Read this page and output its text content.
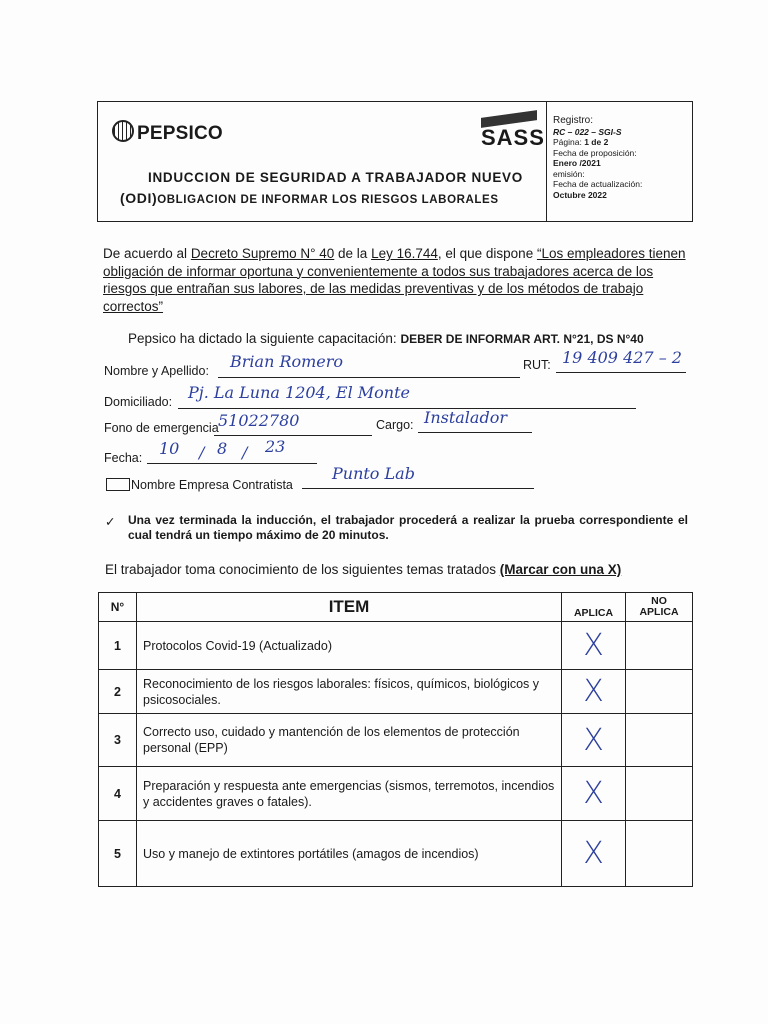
PEPSICO	SASS
INDUCCION DE SEGURIDAD A TRABAJADOR NUEVO
(ODI)OBLIGACION DE INFORMAR LOS RIESGOS LABORALES
Registro:
RC – 022 – SGI-S
Página: 1 de 2
Fecha de proposición:
Enero /2021
emisión:
Fecha de actualización:
Octubre 2022
De acuerdo al Decreto Supremo N° 40 de la Ley 16.744, el que dispone “Los empleadores tienen obligación de informar oportuna y convenientemente a todos sus trabajadores acerca de los riesgos que entrañan sus labores, de las medidas preventivas y de los métodos de trabajo correctos”
Pepsico ha dictado la siguiente capacitación: DEBER DE INFORMAR ART. N°21, DS N°40
Nombre y Apellido: Brian Romero	RUT: 19 409 427 – 2
Domiciliado: Pj. La Luna 1204, El Monte
Fono de emergencia 51022780	Cargo: Instalador
Fecha: 10 / 8 / 23
Nombre Empresa Contratista
Punto Lab
✓ Una vez terminada la inducción, el trabajador procederá a realizar la prueba correspondiente el cual tendrá un tiempo máximo de 20 minutos.
El trabajador toma conocimiento de los siguientes temas tratados (Marcar con una X)
N°	ITEM	APLICA	NO
APLICA
1	Protocolos Covid-19 (Actualizado)	X	
2	Reconocimiento de los riesgos laborales: físicos, químicos, biológicos y psicosociales.	X	
3	Correcto uso, cuidado y mantención de los elementos de protección personal (EPP)	X	
4	Preparación y respuesta ante emergencias (sismos, terremotos, incendios y accidentes graves o fatales).	X	
5	Uso y manejo de extintores portátiles (amagos de incendios)	X	
